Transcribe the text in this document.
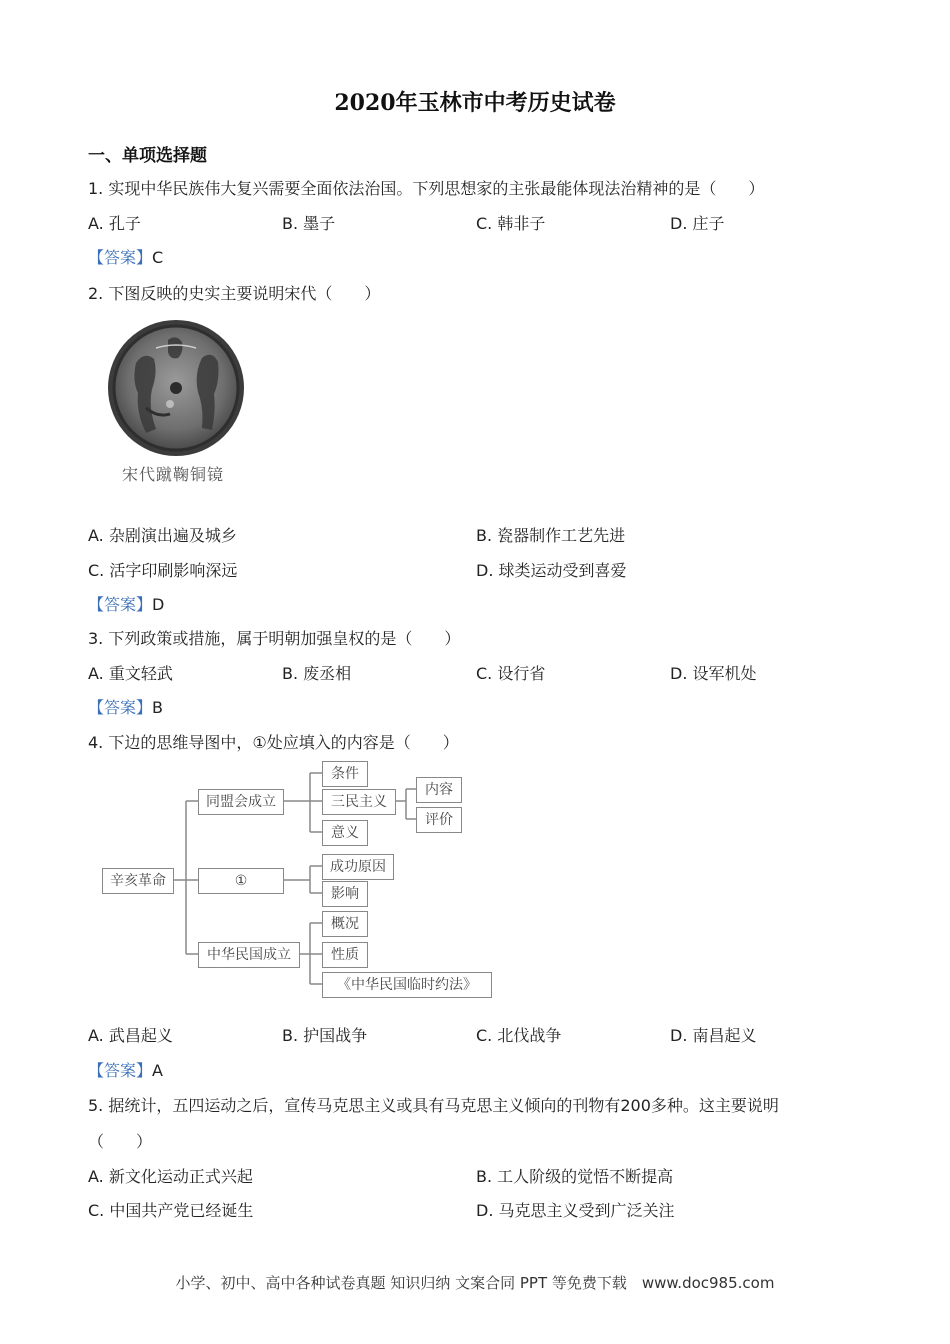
2020年玉林市中考历史试卷
一、单项选择题
1. 实现中华民族伟大复兴需要全面依法治国。下列思想家的主张最能体现法治精神的是（　　）
A. 孔子	B. 墨子	C. 韩非子	D. 庄子
【答案】C
2. 下图反映的史实主要说明宋代（　　）
宋代蹴鞠铜镜
A. 杂剧演出遍及城乡	B. 瓷器制作工艺先进
C. 活字印刷影响深远	D. 球类运动受到喜爱
【答案】D
3. 下列政策或措施，属于明朝加强皇权的是（　　）
A. 重文轻武	B. 废丞相	C. 设行省	D. 设军机处
【答案】B
4. 下边的思维导图中，①处应填入的内容是（　　）
辛亥革命
同盟会成立
条件
三民主义
意义
内容
评价
①
成功原因
影响
中华民国成立
概况
性质
《中华民国临时约法》
A. 武昌起义	B. 护国战争	C. 北伐战争	D. 南昌起义
【答案】A
5. 据统计，五四运动之后，宣传马克思主义或具有马克思主义倾向的刊物有200多种。这主要说明
（　　）
A. 新文化运动正式兴起	B. 工人阶级的觉悟不断提高
C. 中国共产党已经诞生	D. 马克思主义受到广泛关注
小学、初中、高中各种试卷真题 知识归纳 文案合同 PPT 等免费下载　www.doc985.com
